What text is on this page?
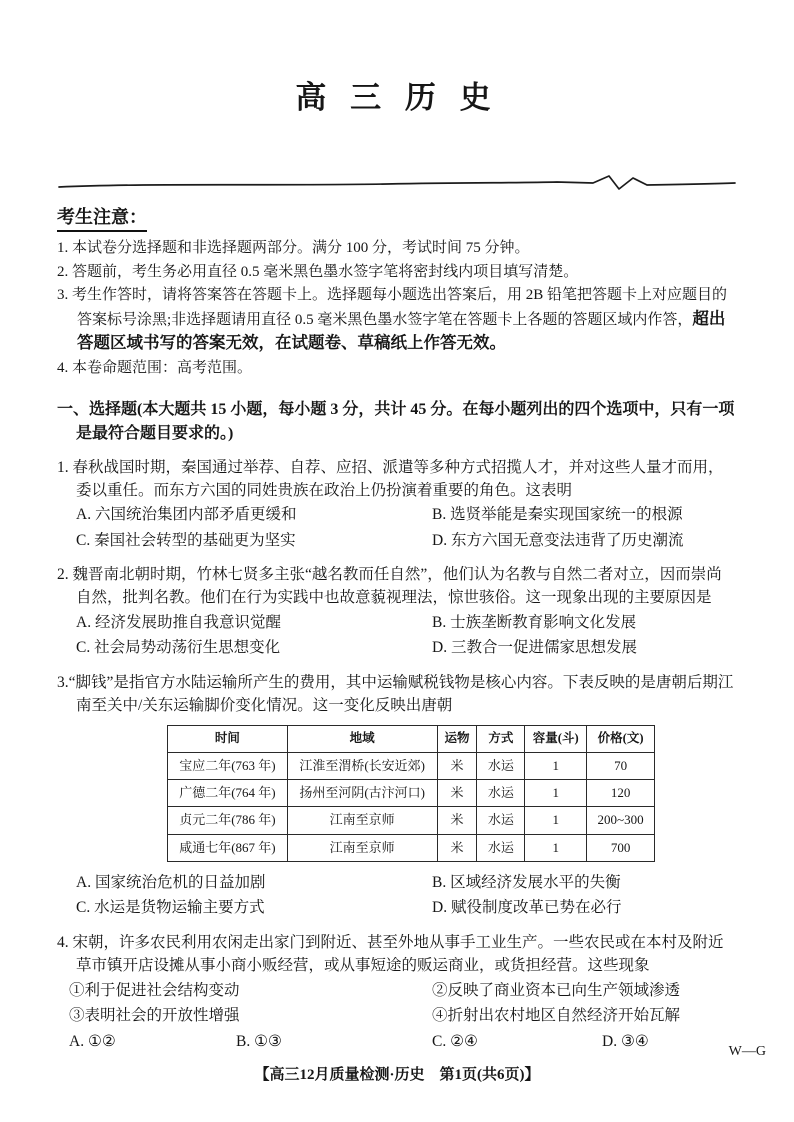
高 三 历 史
考生注意：
1. 本试卷分选择题和非选择题两部分。满分 100 分，考试时间 75 分钟。
2. 答题前，考生务必用直径 0.5 毫米黑色墨水签字笔将密封线内项目填写清楚。
3. 考生作答时，请将答案答在答题卡上。选择题每小题选出答案后，用 2B 铅笔把答题卡上对应题目的答案标号涂黑;非选择题请用直径 0.5 毫米黑色墨水签字笔在答题卡上各题的答题区域内作答，超出答题区域书写的答案无效，在试题卷、草稿纸上作答无效。
4. 本卷命题范围：高考范围。
一、选择题(本大题共 15 小题，每小题 3 分，共计 45 分。在每小题列出的四个选项中，只有一项是最符合题目要求的。)
1. 春秋战国时期，秦国通过举荐、自荐、应招、派遣等多种方式招揽人才，并对这些人量才而用，委以重任。而东方六国的同姓贵族在政治上仍扮演着重要的角色。这表明
A. 六国统治集团内部矛盾更缓和	B. 选贤举能是秦实现国家统一的根源
C. 秦国社会转型的基础更为坚实	D. 东方六国无意变法违背了历史潮流
2. 魏晋南北朝时期，竹林七贤多主张“越名教而任自然”，他们认为名教与自然二者对立，因而崇尚自然，批判名教。他们在行为实践中也故意藐视理法，惊世骇俗。这一现象出现的主要原因是
A. 经济发展助推自我意识觉醒	B. 士族垄断教育影响文化发展
C. 社会局势动荡衍生思想变化	D. 三教合一促进儒家思想发展
3.“脚钱”是指官方水陆运输所产生的费用，其中运输赋税钱物是核心内容。下表反映的是唐朝后期江南至关中/关东运输脚价变化情况。这一变化反映出唐朝
时间	地域	运物	方式	容量(斗)	价格(文)
宝应二年(763 年)	江淮至渭桥(长安近郊)	米	水运	1	70
广德二年(764 年)	扬州至河阴(古汴河口)	米	水运	1	120
贞元二年(786 年)	江南至京师	米	水运	1	200~300
咸通七年(867 年)	江南至京师	米	水运	1	700
A. 国家统治危机的日益加剧	B. 区域经济发展水平的失衡
C. 水运是货物运输主要方式	D. 赋役制度改革已势在必行
4. 宋朝，许多农民利用农闲走出家门到附近、甚至外地从事手工业生产。一些农民或在本村及附近草市镇开店设摊从事小商小贩经营，或从事短途的贩运商业，或货担经营。这些现象
①利于促进社会结构变动	②反映了商业资本已向生产领域渗透
③表明社会的开放性增强	④折射出农村地区自然经济开始瓦解
A. ①②	B. ①③	C. ②④	D. ③④
W—G
【高三12月质量检测·历史　第1页(共6页)】
